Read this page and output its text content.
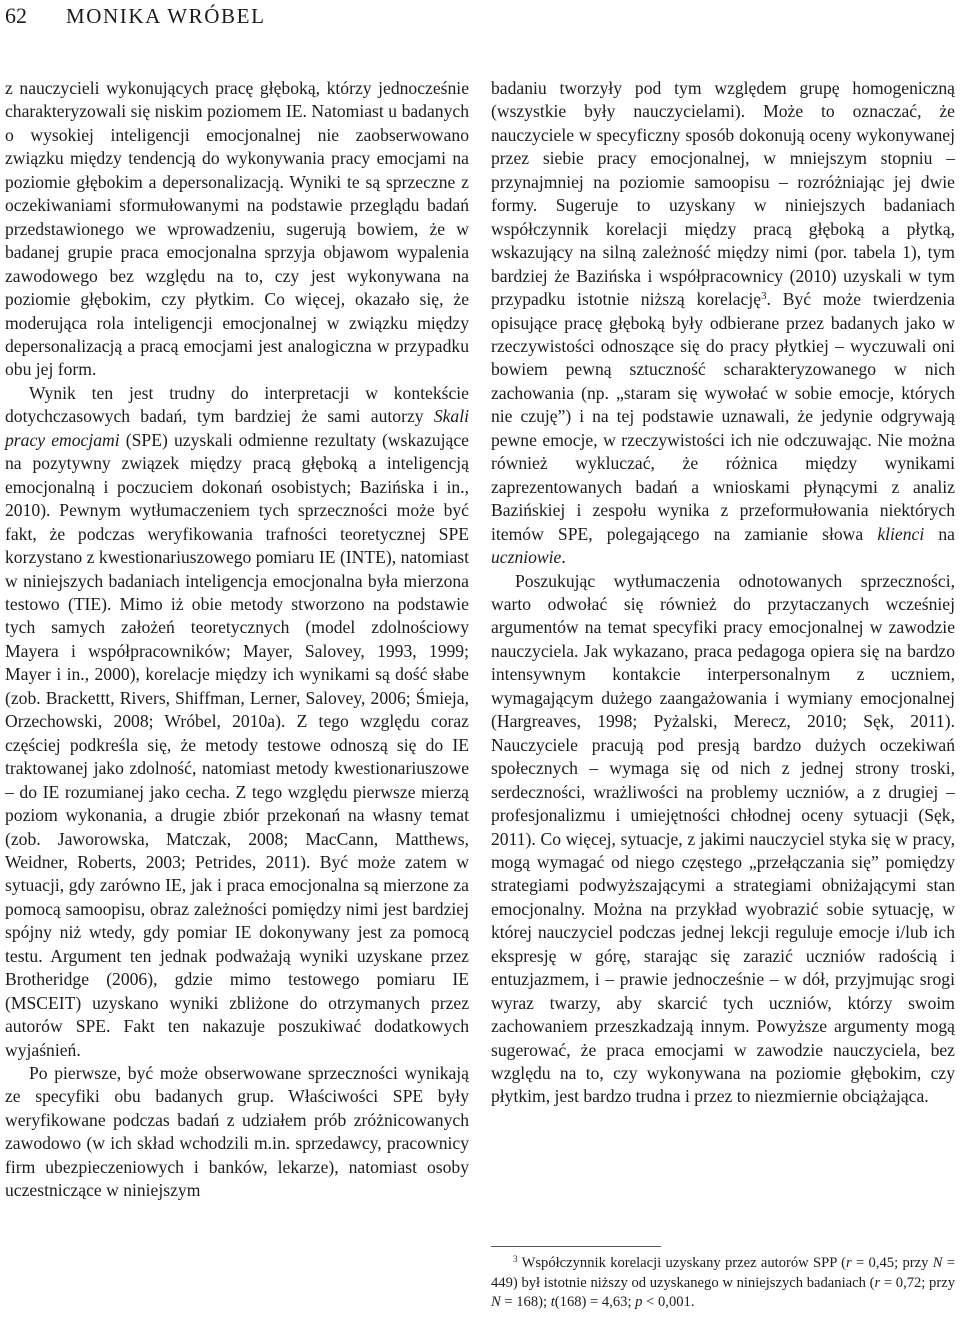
62 MONIKA WRÓBEL

z nauczycieli wykonujących pracę głęboką, którzy jednocześnie charakteryzowali się niskim poziomem IE. Natomiast u badanych o wysokiej inteligencji emocjonalnej nie zaobserwowano związku między tendencją do wykonywania pracy emocjami na poziomie głębokim a depersonalizacją. Wyniki te są sprzeczne z oczekiwaniami sformułowanymi na podstawie przeglądu badań przedstawionego we wprowadzeniu, sugerują bowiem, że w badanej grupie praca emocjonalna sprzyja objawom wypalenia zawodowego bez względu na to, czy jest wykonywana na poziomie głębokim, czy płytkim. Co więcej, okazało się, że moderująca rola inteligencji emocjonalnej w związku między depersonalizacją a pracą emocjami jest analogiczna w przypadku obu jej form.

Wynik ten jest trudny do interpretacji w kontekście dotychczasowych badań, tym bardziej że sami autorzy Skali pracy emocjami (SPE) uzyskali odmienne rezultaty (wskazujące na pozytywny związek między pracą głęboką a inteligencją emocjonalną i poczuciem dokonań osobistych; Bazińska i in., 2010). Pewnym wytłumaczeniem tych sprzeczności może być fakt, że podczas weryfikowania trafności teoretycznej SPE korzystano z kwestionariuszowego pomiaru IE (INTE), natomiast w niniejszych badaniach inteligencja emocjonalna była mierzona testowo (TIE). Mimo iż obie metody stworzono na podstawie tych samych założeń teoretycznych (model zdolnościowy Mayera i współpracowników; Mayer, Salovey, 1993, 1999; Mayer i in., 2000), korelacje między ich wynikami są dość słabe (zob. Brackettt, Rivers, Shiffman, Lerner, Salovey, 2006; Śmieja, Orzechowski, 2008; Wróbel, 2010a). Z tego względu coraz częściej podkreśla się, że metody testowe odnoszą się do IE traktowanej jako zdolność, natomiast metody kwestionariuszowe – do IE rozumianej jako cecha. Z tego względu pierwsze mierzą poziom wykonania, a drugie zbiór przekonań na własny temat (zob. Jaworowska, Matczak, 2008; MacCann, Matthews, Weidner, Roberts, 2003; Petrides, 2011). Być może zatem w sytuacji, gdy zarówno IE, jak i praca emocjonalna są mierzone za pomocą samoopisu, obraz zależności pomiędzy nimi jest bardziej spójny niż wtedy, gdy pomiar IE dokonywany jest za pomocą testu. Argument ten jednak podważają wyniki uzyskane przez Brotheridge (2006), gdzie mimo testowego pomiaru IE (MSCEIT) uzyskano wyniki zbliżone do otrzymanych przez autorów SPE. Fakt ten nakazuje poszukiwać dodatkowych wyjaśnień.

Po pierwsze, być może obserwowane sprzeczności wynikają ze specyfiki obu badanych grup. Właściwości SPE były weryfikowane podczas badań z udziałem prób zróżnicowanych zawodowo (w ich skład wchodzili m.in. sprzedawcy, pracownicy firm ubezpieczeniowych i banków, lekarze), natomiast osoby uczestniczące w niniejszym

badaniu tworzyły pod tym względem grupę homogeniczną (wszystkie były nauczycielami). Może to oznaczać, że nauczyciele w specyficzny sposób dokonują oceny wykonywanej przez siebie pracy emocjonalnej, w mniejszym stopniu – przynajmniej na poziomie samoopisu – rozróżniając jej dwie formy. Sugeruje to uzyskany w niniejszych badaniach współczynnik korelacji między pracą głęboką a płytką, wskazujący na silną zależność między nimi (por. tabela 1), tym bardziej że Bazińska i współpracownicy (2010) uzyskali w tym przypadku istotnie niższą korelację$^3$. Być może twierdzenia opisujące pracę głęboką były odbierane przez badanych jako w rzeczywistości odnoszące się do pracy płytkiej – wyczuwali oni bowiem pewną sztuczność scharakteryzowanego w nich zachowania (np. „staram się wywołać w sobie emocje, których nie czuję”) i na tej podstawie uznawali, że jedynie odgrywają pewne emocje, w rzeczywistości ich nie odczuwając. Nie można również wykluczać, że różnica między wynikami zaprezentowanych badań a wnioskami płynącymi z analiz Bazińskiej i zespołu wynika z przeformułowania niektórych itemów SPE, polegającego na zamianie słowa klienci na uczniowie.

Poszukując wytłumaczenia odnotowanych sprzeczności, warto odwołać się również do przytaczanych wcześniej argumentów na temat specyfiki pracy emocjonalnej w zawodzie nauczyciela. Jak wykazano, praca pedagoga opiera się na bardzo intensywnym kontakcie interpersonalnym z uczniem, wymagającym dużego zaangażowania i wymiany emocjonalnej (Hargreaves, 1998; Pyżalski, Merecz, 2010; Sęk, 2011). Nauczyciele pracują pod presją bardzo dużych oczekiwań społecznych – wymaga się od nich z jednej strony troski, serdeczności, wrażliwości na problemy uczniów, a z drugiej – profesjonalizmu i umiejętności chłodnej oceny sytuacji (Sęk, 2011). Co więcej, sytuacje, z jakimi nauczyciel styka się w pracy, mogą wymagać od niego częstego „przełączania się” pomiędzy strategiami podwyższającymi a strategiami obniżającymi stan emocjonalny. Można na przykład wyobrazić sobie sytuację, w której nauczyciel podczas jednej lekcji reguluje emocje i/lub ich ekspresję w górę, starając się zarazić uczniów radością i entuzjazmem, i – prawie jednocześnie – w dół, przyjmując srogi wyraz twarzy, aby skarcić tych uczniów, którzy swoim zachowaniem przeszkadzają innym. Powyższe argumenty mogą sugerować, że praca emocjami w zawodzie nauczyciela, bez względu na to, czy wykonywana na poziomie głębokim, czy płytkim, jest bardzo trudna i przez to niezmiernie obciążająca.

$^3$ Współczynnik korelacji uzyskany przez autorów SPP (r = 0,45; przy N = 449) był istotnie niższy od uzyskanego w niniejszych badaniach (r = 0,72; przy N = 168); t(168) = 4,63; p < 0,001.
